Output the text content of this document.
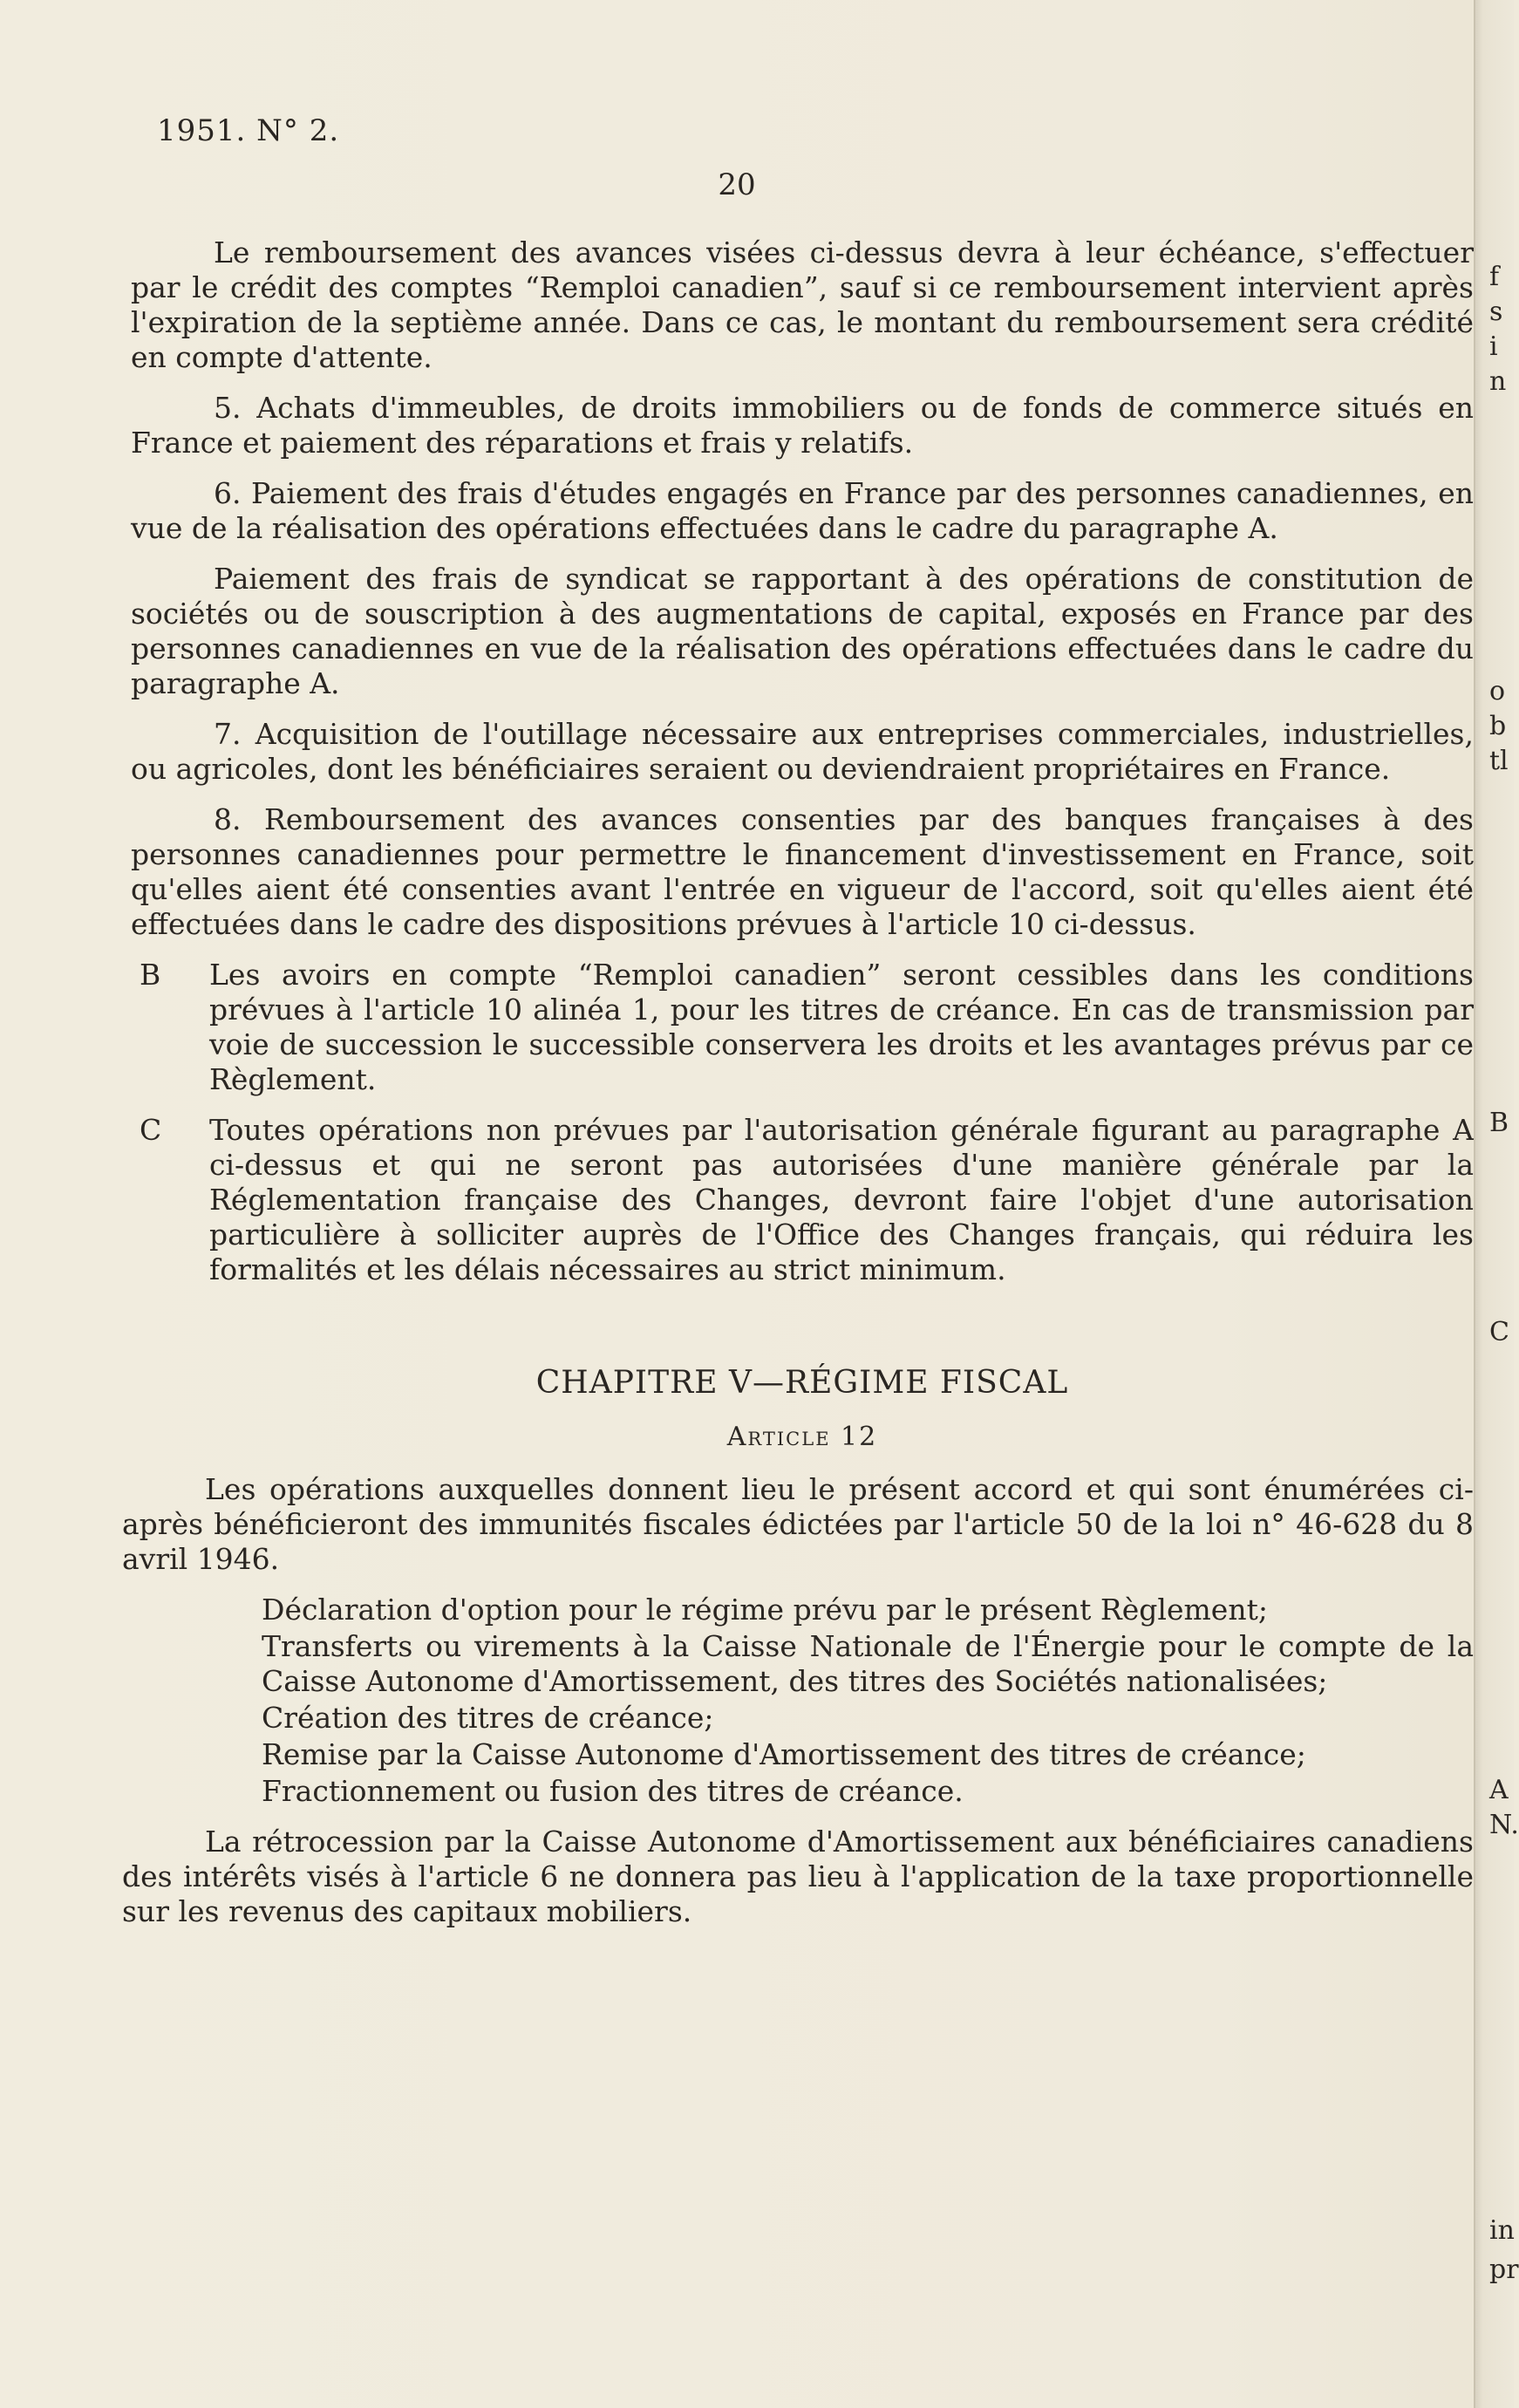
1951. N° 2.
20

Le remboursement des avances visées ci-dessus devra à leur échéance, s'effectuer par le crédit des comptes “Remploi canadien”, sauf si ce remboursement intervient après l'expiration de la septième année. Dans ce cas, le montant du remboursement sera crédité en compte d'attente.

5. Achats d'immeubles, de droits immobiliers ou de fonds de commerce situés en France et paiement des réparations et frais y relatifs.

6. Paiement des frais d'études engagés en France par des personnes canadiennes, en vue de la réalisation des opérations effectuées dans le cadre du paragraphe A.

Paiement des frais de syndicat se rapportant à des opérations de constitution de sociétés ou de souscription à des augmentations de capital, exposés en France par des personnes canadiennes en vue de la réalisation des opérations effectuées dans le cadre du paragraphe A.

7. Acquisition de l'outillage nécessaire aux entreprises commerciales, industrielles, ou agricoles, dont les bénéficiaires seraient ou deviendraient propriétaires en France.

8. Remboursement des avances consenties par des banques françaises à des personnes canadiennes pour permettre le financement d'investissement en France, soit qu'elles aient été consenties avant l'entrée en vigueur de l'accord, soit qu'elles aient été effectuées dans le cadre des dispositions prévues à l'article 10 ci-dessus.

B Les avoirs en compte “Remploi canadien” seront cessibles dans les conditions prévues à l'article 10 alinéa 1, pour les titres de créance. En cas de transmission par voie de succession le successible conservera les droits et les avantages prévus par ce Règlement.

C Toutes opérations non prévues par l'autorisation générale figurant au paragraphe A ci-dessus et qui ne seront pas autorisées d'une manière générale par la Réglementation française des Changes, devront faire l'objet d'une autorisation particulière à solliciter auprès de l'Office des Changes français, qui réduira les formalités et les délais nécessaires au strict minimum.

CHAPITRE V—RÉGIME FISCAL
Article 12

Les opérations auxquelles donnent lieu le présent accord et qui sont énumérées ci-après bénéficieront des immunités fiscales édictées par l'article 50 de la loi n° 46-628 du 8 avril 1946.

Déclaration d'option pour le régime prévu par le présent Règlement;

Transferts ou virements à la Caisse Nationale de l'Énergie pour le compte de la Caisse Autonome d'Amortissement, des titres des Sociétés nationalisées;

Création des titres de créance;

Remise par la Caisse Autonome d'Amortissement des titres de créance;

Fractionnement ou fusion des titres de créance.

La rétrocession par la Caisse Autonome d'Amortissement aux bénéficiaires canadiens des intérêts visés à l'article 6 ne donnera pas lieu à l'application de la taxe proportionnelle sur les revenus des capitaux mobiliers.

f
s
i
n
o
b
tl
B
C
A
N.
in
pr
